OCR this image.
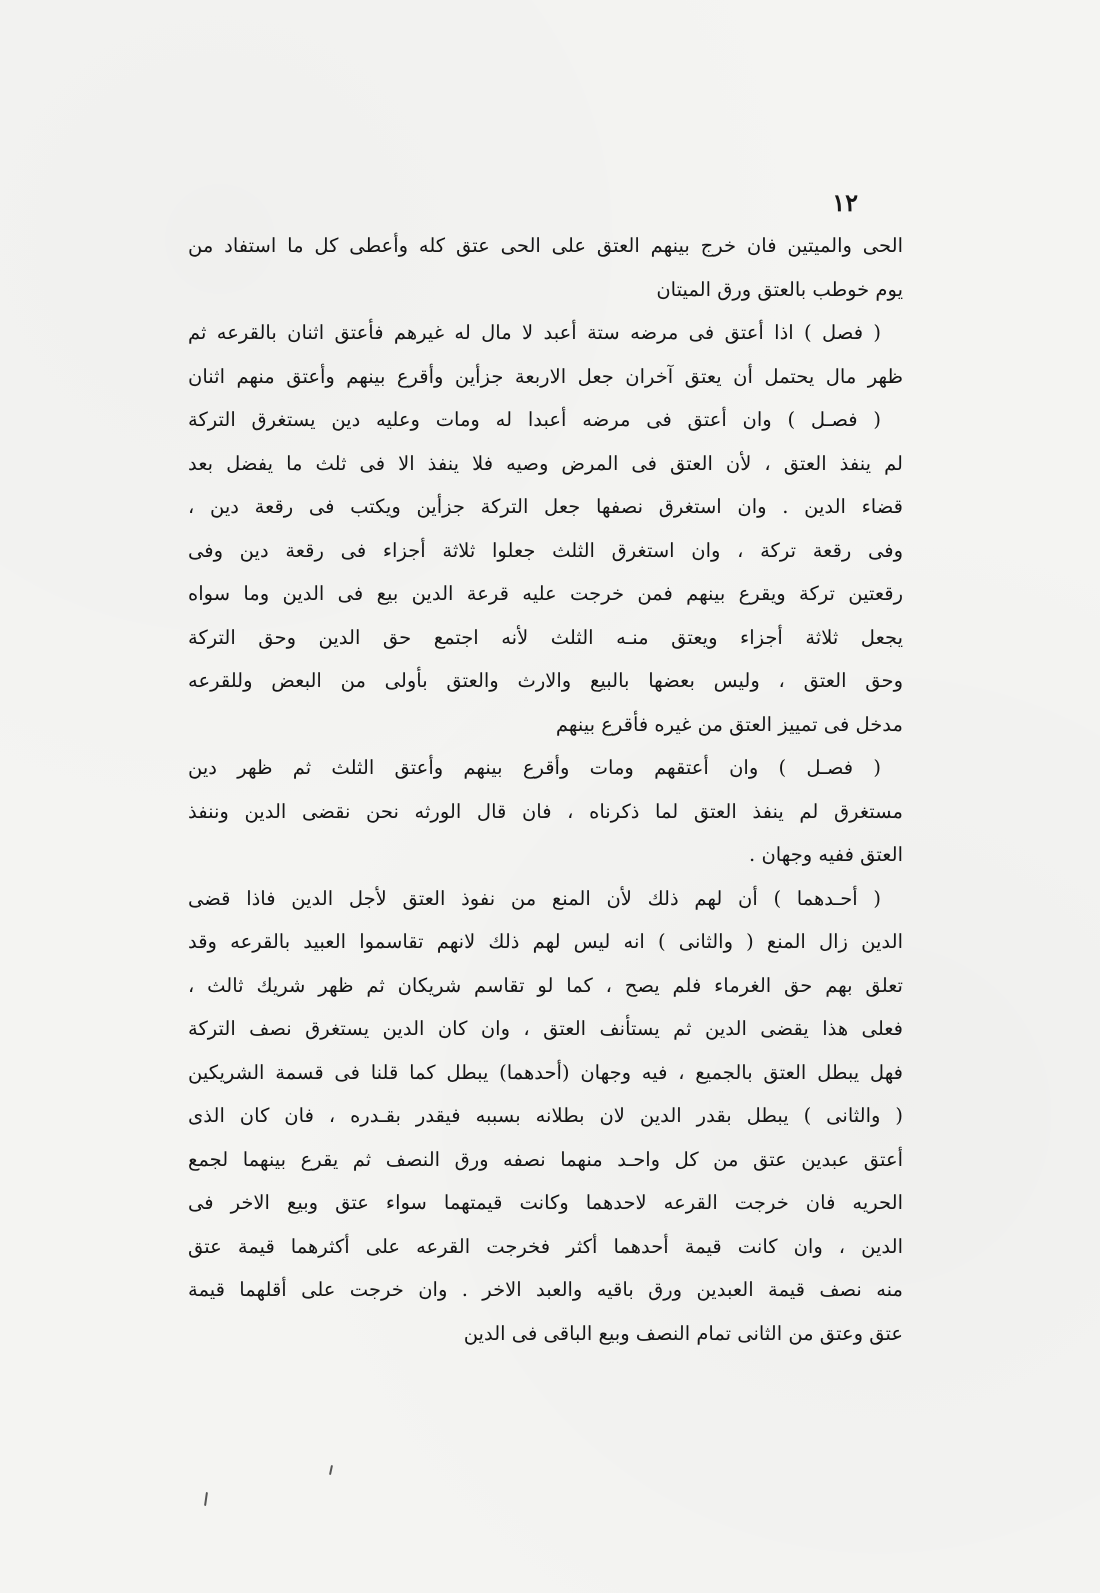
١٢
الحى والميتين فان خرج بينهم العتق على الحى عتق كله وأعطى كل ما استفاد من
يوم خوطب بالعتق ورق الميتان
( فصل ) اذا أعتق فى مرضه ستة أعبد لا مال له غيرهم فأعتق اثنان بالقرعه ثم
ظهر مال يحتمل أن يعتق آخران جعل الاربعة جزأين وأقرع بينهم وأعتق منهم اثنان
( فصـل ) وان أعتق فى مرضه أعبدا له ومات وعليه دين يستغرق التركة
لم ينفذ العتق ، لأن العتق فى المرض وصيه فلا ينفذ الا فى ثلث ما يفضل بعد
قضاء الدين . وان استغرق نصفها جعل التركة جزأين ويكتب فى رقعة دين ،
وفى رقعة تركة ، وان استغرق الثلث جعلوا ثلاثة أجزاء فى رقعة دين وفى
رقعتين تركة ويقرع بينهم فمن خرجت عليه قرعة الدين بيع فى الدين وما سواه
يجعل ثلاثة أجزاء ويعتق منـه الثلث لأنه اجتمع حق الدين وحق التركة
وحق العتق ، وليس بعضها بالبيع والارث والعتق بأولى من البعض وللقرعه
مدخل فى تمييز العتق من غيره فأقرع بينهم
( فصـل ) وان أعتقهم ومات وأقرع بينهم وأعتق الثلث ثم ظهر دين
مستغرق لم ينفذ العتق لما ذكرناه ، فان قال الورثه نحن نقضى الدين وننفذ
العتق ففيه وجهان .
( أحـدهما ) أن لهم ذلك لأن المنع من نفوذ العتق لأجل الدين فاذا قضى
الدين زال المنع ( والثانى ) انه ليس لهم ذلك لانهم تقاسموا العبيد بالقرعه وقد
تعلق بهم حق الغرماء فلم يصح ، كما لو تقاسم شريكان ثم ظهر شريك ثالث ،
فعلى هذا يقضى الدين ثم يستأنف العتق ، وان كان الدين يستغرق نصف التركة
فهل يبطل العتق بالجميع ، فيه وجهان (أحدهما) يبطل كما قلنا فى قسمة الشريكين
( والثانى ) يبطل بقدر الدين لان بطلانه بسببه فيقدر بقـدره ، فان كان الذى
أعتق عبدين عتق من كل واحـد منهما نصفه ورق النصف ثم يقرع بينهما لجمع
الحريه فان خرجت القرعه لاحدهما وكانت قيمتهما سواء عتق وبيع الاخر فى
الدين ، وان كانت قيمة أحدهما أكثر فخرجت القرعه على أكثرهما قيمة عتق
منه نصف قيمة العبدين ورق باقيه والعبد الاخر . وان خرجت على أقلهما قيمة
عتق وعتق من الثانى تمام النصف وبيع الباقى فى الدين
